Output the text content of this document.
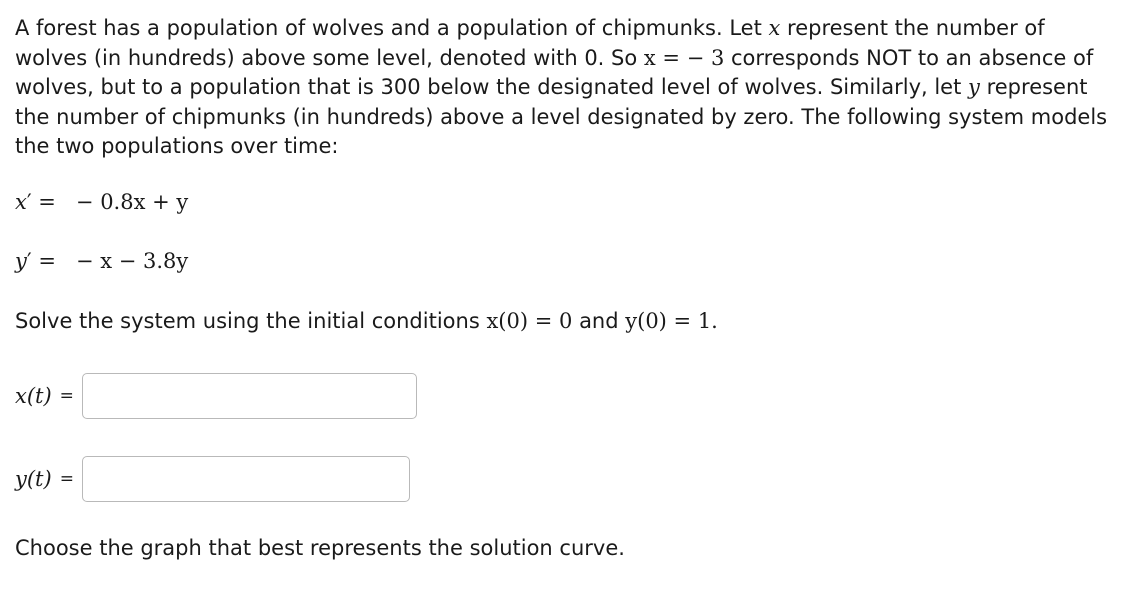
A forest has a population of wolves and a population of chipmunks. Let x represent the number of wolves (in hundreds) above some level, denoted with 0. So x = − 3 corresponds NOT to an absence of wolves, but to a population that is 300 below the designated level of wolves. Similarly, let y represent the number of chipmunks (in hundreds) above a level designated by zero. The following system models the two populations over time:
x′ =   − 0.8x + y
y′ =   − x − 3.8y
Solve the system using the initial conditions x(0) = 0 and y(0) = 1.
x(t) =
y(t) =
Choose the graph that best represents the solution curve.
